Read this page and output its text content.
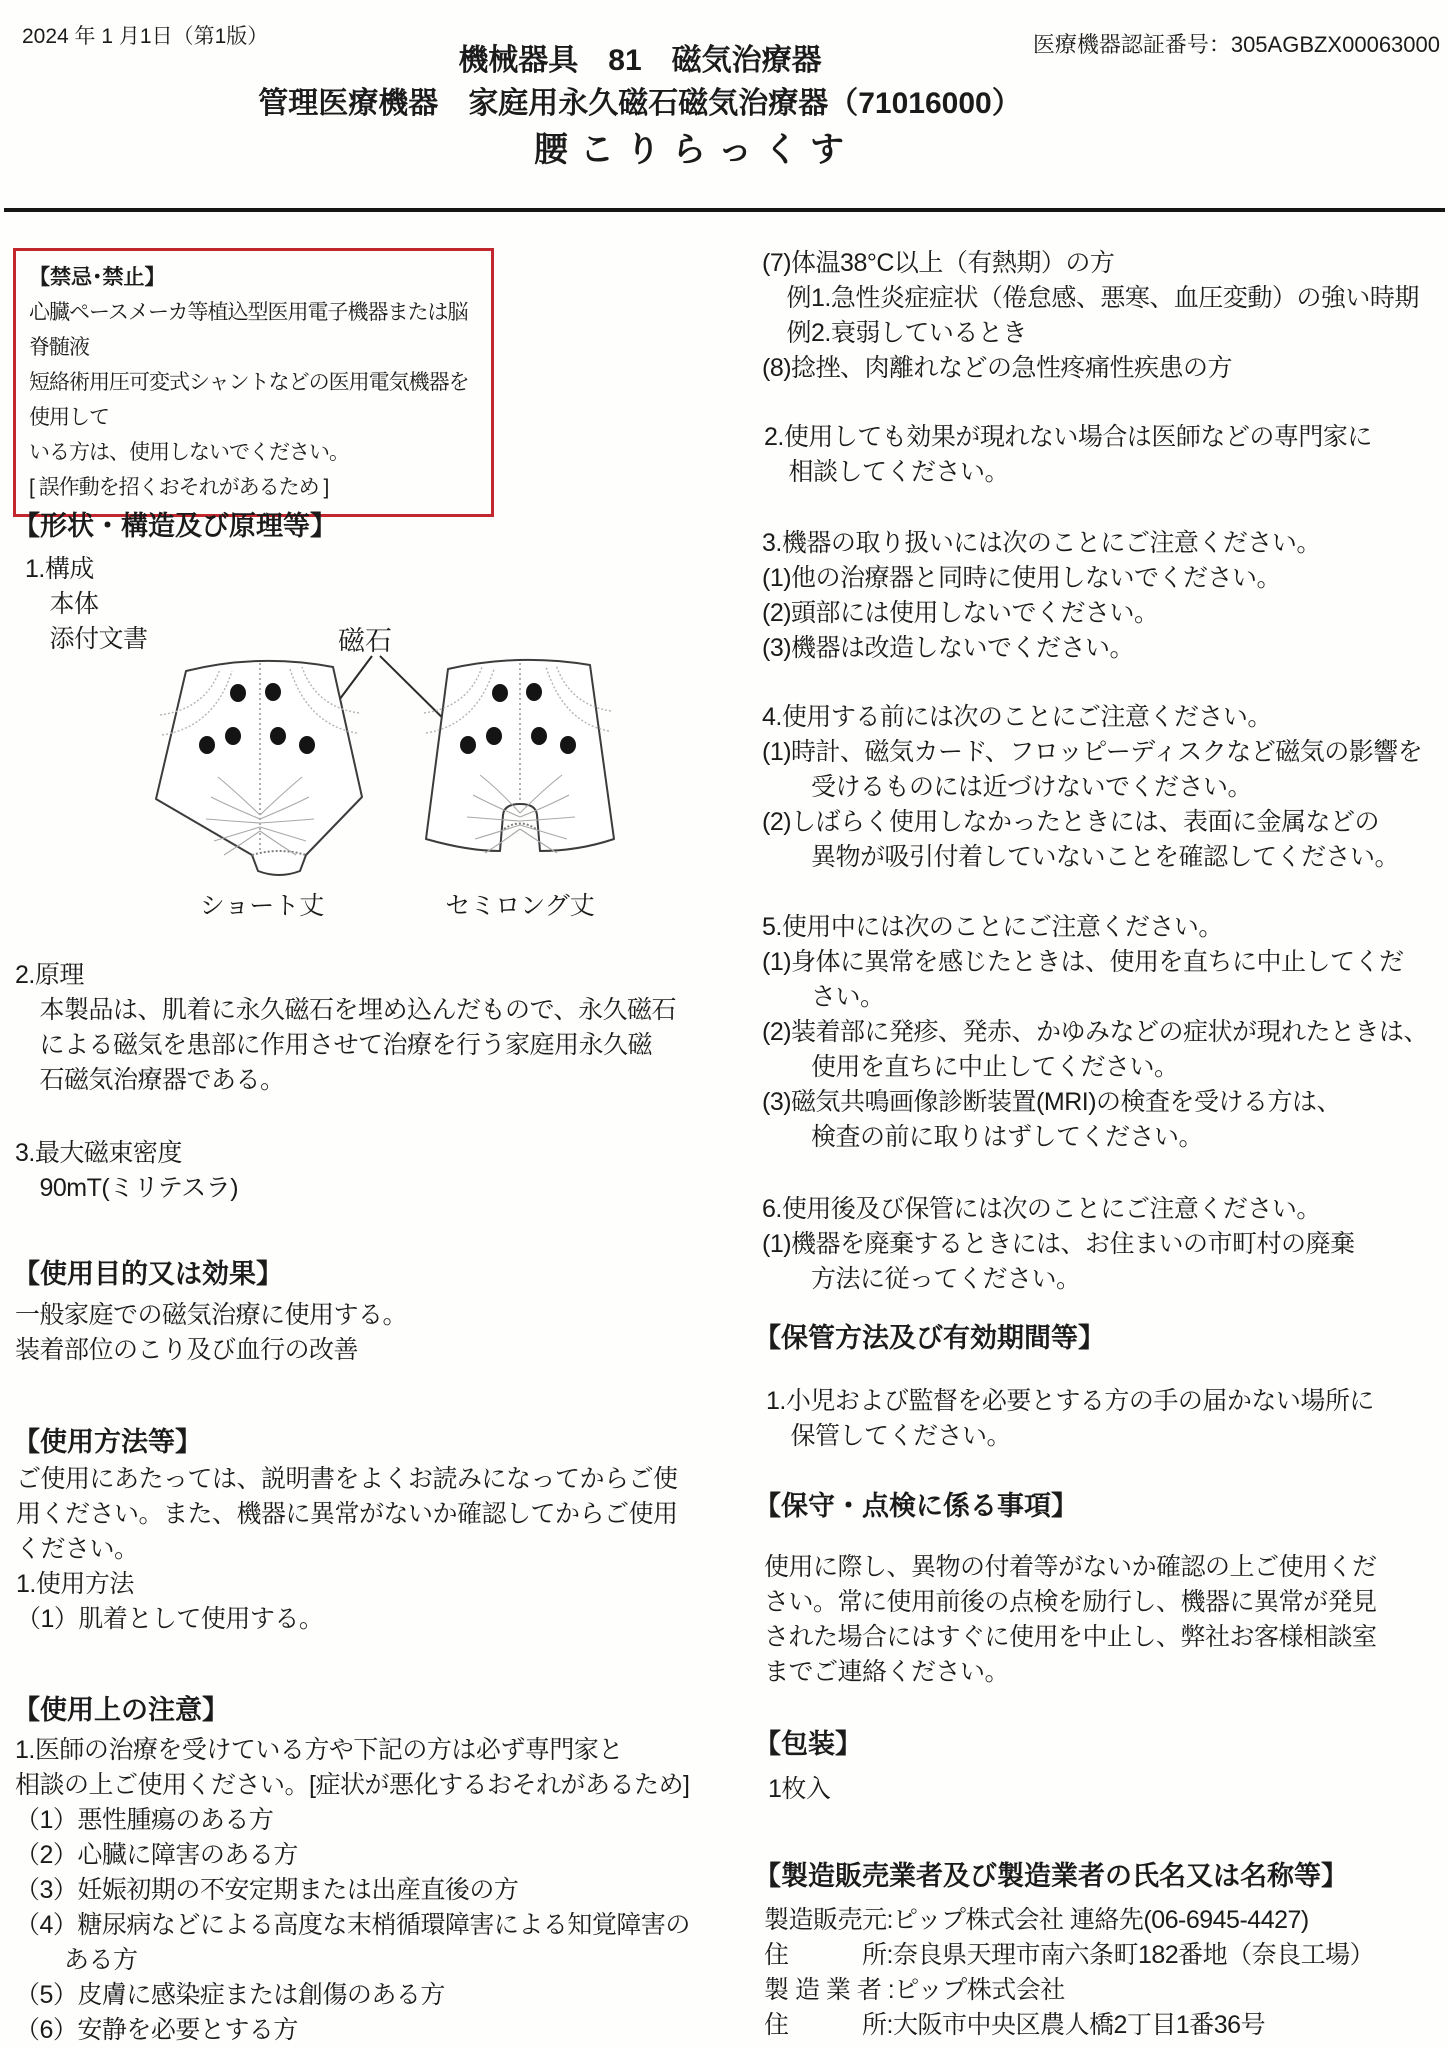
2024 年 1 月1日（第1版）	医療機器認証番号：305AGBZX00063000
機械器具　81　磁気治療器
管理医療機器　家庭用永久磁石磁気治療器（71016000）
腰こりらっくす
【禁忌･禁止】
心臓ペースメーカ等植込型医用電子機器または脳脊髄液
短絡術用圧可変式シャントなどの医用電気機器を使用して
いる方は、使用しないでください。
[ 誤作動を招くおそれがあるため ]
【形状・構造及び原理等】
1.構成
　本体
　添付文書	磁石
ショート丈	セミロング丈
2.原理
　本製品は、肌着に永久磁石を埋め込んだもので、永久磁石
　による磁気を患部に作用させて治療を行う家庭用永久磁
　石磁気治療器である。
3.最大磁束密度
　90mT(ミリテスラ)
【使用目的又は効果】
一般家庭での磁気治療に使用する。
装着部位のこり及び血行の改善
【使用方法等】
ご使用にあたっては、説明書をよくお読みになってからご使
用ください。また、機器に異常がないか確認してからご使用
ください。
1.使用方法
（1）肌着として使用する。
【使用上の注意】
1.医師の治療を受けている方や下記の方は必ず専門家と
相談の上ご使用ください。[症状が悪化するおそれがあるため]
（1）悪性腫瘍のある方
（2）心臓に障害のある方
（3）妊娠初期の不安定期または出産直後の方
（4）糖尿病などによる高度な末梢循環障害による知覚障害の
　　ある方
（5）皮膚に感染症または創傷のある方
（6）安静を必要とする方
(7)体温38°C以上（有熱期）の方
　例1.急性炎症症状（倦怠感、悪寒、血圧変動）の強い時期
　例2.衰弱しているとき
(8)捻挫、肉離れなどの急性疼痛性疾患の方
2.使用しても効果が現れない場合は医師などの専門家に
　相談してください。
3.機器の取り扱いには次のことにご注意ください。
(1)他の治療器と同時に使用しないでください。
(2)頭部には使用しないでください。
(3)機器は改造しないでください。
4.使用する前には次のことにご注意ください。
(1)時計、磁気カード、フロッピーディスクなど磁気の影響を
　　受けるものには近づけないでください。
(2)しばらく使用しなかったときには、表面に金属などの
　　異物が吸引付着していないことを確認してください。
5.使用中には次のことにご注意ください。
(1)身体に異常を感じたときは、使用を直ちに中止してくだ
　　さい。
(2)装着部に発疹、発赤、かゆみなどの症状が現れたときは、
　　使用を直ちに中止してください。
(3)磁気共鳴画像診断装置(MRI)の検査を受ける方は、
　　検査の前に取りはずしてください。
6.使用後及び保管には次のことにご注意ください。
(1)機器を廃棄するときには、お住まいの市町村の廃棄
　　方法に従ってください。
【保管方法及び有効期間等】
1.小児および監督を必要とする方の手の届かない場所に
　保管してください。
【保守・点検に係る事項】
使用に際し、異物の付着等がないか確認の上ご使用くだ
さい。常に使用前後の点検を励行し、機器に異常が発見
された場合にはすぐに使用を中止し、弊社お客様相談室
までご連絡ください。
【包装】
1枚入
【製造販売業者及び製造業者の氏名又は名称等】
製造販売元:ピップ株式会社 連絡先(06-6945-4427)
住　　　所:奈良県天理市南六条町182番地（奈良工場）
製 造 業 者 :ピップ株式会社
住　　　所:大阪市中央区農人橋2丁目1番36号
